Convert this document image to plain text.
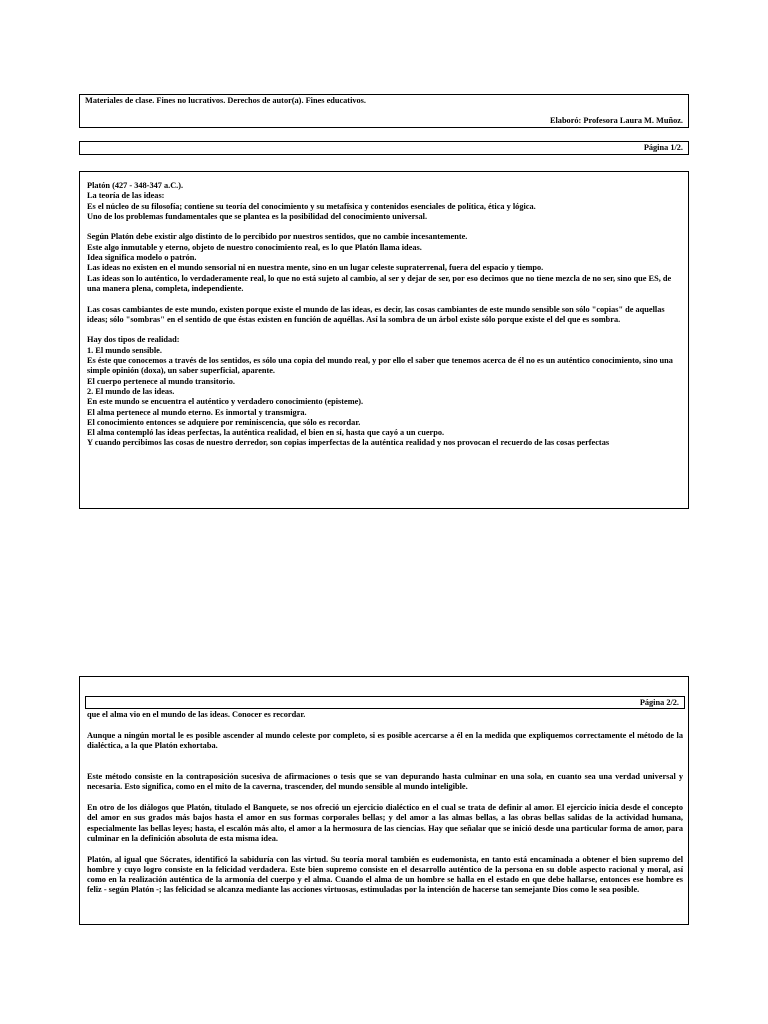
Materiales de clase. Fines no lucrativos. Derechos de autor(a). Fines educativos.

Elaboró: Profesora Laura M. Muñoz.

Página 1/2.

Platón (427 - 348-347 a.C.).

La teoría de las ideas:

Es el núcleo de su filosofía; contiene su teoría del conocimiento y su metafísica y contenidos esenciales de política, ética y lógica.

Uno de los problemas fundamentales que se plantea es la posibilidad del conocimiento universal.

Según Platón debe existir algo distinto de lo percibido por nuestros sentidos, que no cambie incesantemente.

Este algo inmutable y eterno, objeto de nuestro conocimiento real, es lo que Platón llama ideas.

Idea significa modelo o patrón.

Las ideas no existen en el mundo sensorial ni en nuestra mente, sino en un lugar celeste supraterrenal, fuera del espacio y tiempo.

Las ideas son lo auténtico, lo verdaderamente real, lo que no está sujeto al cambio, al ser y dejar de ser, por eso decimos que no tiene mezcla de no ser, sino que ES, de una manera plena, completa, independiente.

Las cosas cambiantes de este mundo, existen porque existe el mundo de las ideas, es decir, las cosas cambiantes de este mundo sensible son sólo "copias" de aquellas ideas; sólo "sombras" en el sentido de que éstas existen en función de aquéllas. Así la sombra de un árbol existe sólo porque existe el del que es sombra.

Hay dos tipos de realidad:

1. El mundo sensible.

Es éste que conocemos a través de los sentidos, es sólo una copia del mundo real, y por ello el saber que tenemos acerca de él no es un auténtico conocimiento, sino una simple opinión (doxa), un saber superficial, aparente.

El cuerpo pertenece al mundo transitorio.

2. El mundo de las ideas.

En este mundo se encuentra el auténtico y verdadero conocimiento (episteme).

El alma pertenece al mundo eterno. Es inmortal y transmigra.

El conocimiento entonces se adquiere por reminiscencia, que sólo es recordar.

El alma contempló las ideas perfectas, la auténtica realidad, el bien en sí, hasta que cayó a un cuerpo.

Y cuando percibimos las cosas de nuestro derredor, son copias imperfectas de la auténtica realidad y nos provocan el recuerdo de las cosas perfectas

Página 2/2.

que el alma vio en el mundo de las ideas. Conocer es recordar.

Aunque a ningún mortal le es posible ascender al mundo celeste por completo, si es posible acercarse a él en la medida que expliquemos correctamente el método de la dialéctica, a la que Platón exhortaba.

Este método consiste en la contraposición sucesiva de afirmaciones o tesis que se van depurando hasta culminar en una sola, en cuanto sea una verdad universal y necesaria. Esto significa, como en el mito de la caverna, trascender, del mundo sensible al mundo inteligible.

En otro de los diálogos que Platón, titulado el Banquete, se nos ofreció un ejercicio dialéctico en el cual se trata de definir al amor. El ejercicio inicia desde el concepto del amor en sus grados más bajos hasta el amor en sus formas corporales bellas; y del amor a las almas bellas, a las obras bellas salidas de la actividad humana, especialmente las bellas leyes; hasta, el escalón más alto, el amor a la hermosura de las ciencias. Hay que señalar que se inició desde una particular forma de amor, para culminar en la definición absoluta de esta misma idea.

Platón, al igual que Sócrates, identificó la sabiduría con las virtud. Su teoría moral también es eudemonista, en tanto está encaminada a obtener el bien supremo del hombre y cuyo logro consiste en la felicidad verdadera. Este bien supremo consiste en el desarrollo auténtico de la persona en su doble aspecto racional y moral, así como en la realización auténtica de la armonía del cuerpo y el alma. Cuando el alma de un hombre se halla en el estado en que debe hallarse, entonces ese hombre es feliz - según Platón -; las felicidad se alcanza mediante las acciones virtuosas, estimuladas por la intención de hacerse tan semejante Dios como le sea posible.
